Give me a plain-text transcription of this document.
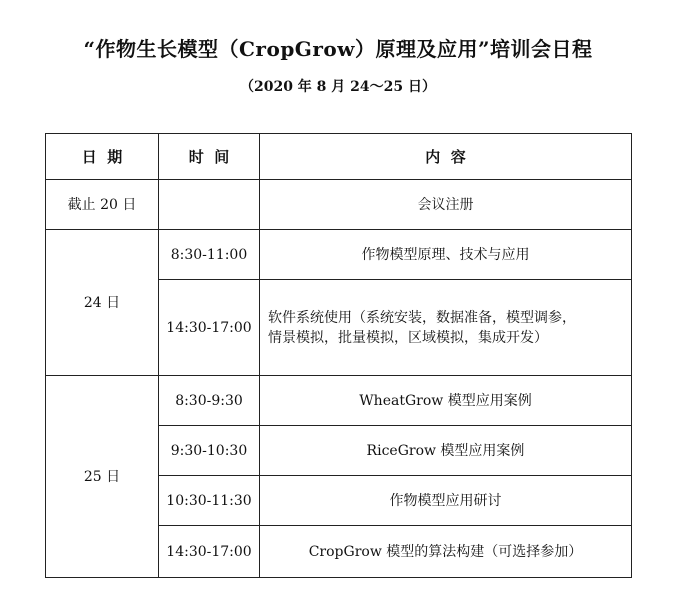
“作物生长模型（CropGrow）原理及应用”培训会日程
（2020 年 8 月 24～25 日）
日  期	时  间	内  容
截止 20 日		会议注册
24 日	8:30-11:00	作物模型原理、技术与应用
	14:30-17:00	软件系统使用（系统安装，数据准备，模型调参，
情景模拟，批量模拟，区域模拟，集成开发）

25 日	8:30-9:30	WheatGrow 模型应用案例
	9:30-10:30	RiceGrow 模型应用案例
	10:30-11:30	作物模型应用研讨
	14:30-17:00	CropGrow 模型的算法构建（可选择参加）
